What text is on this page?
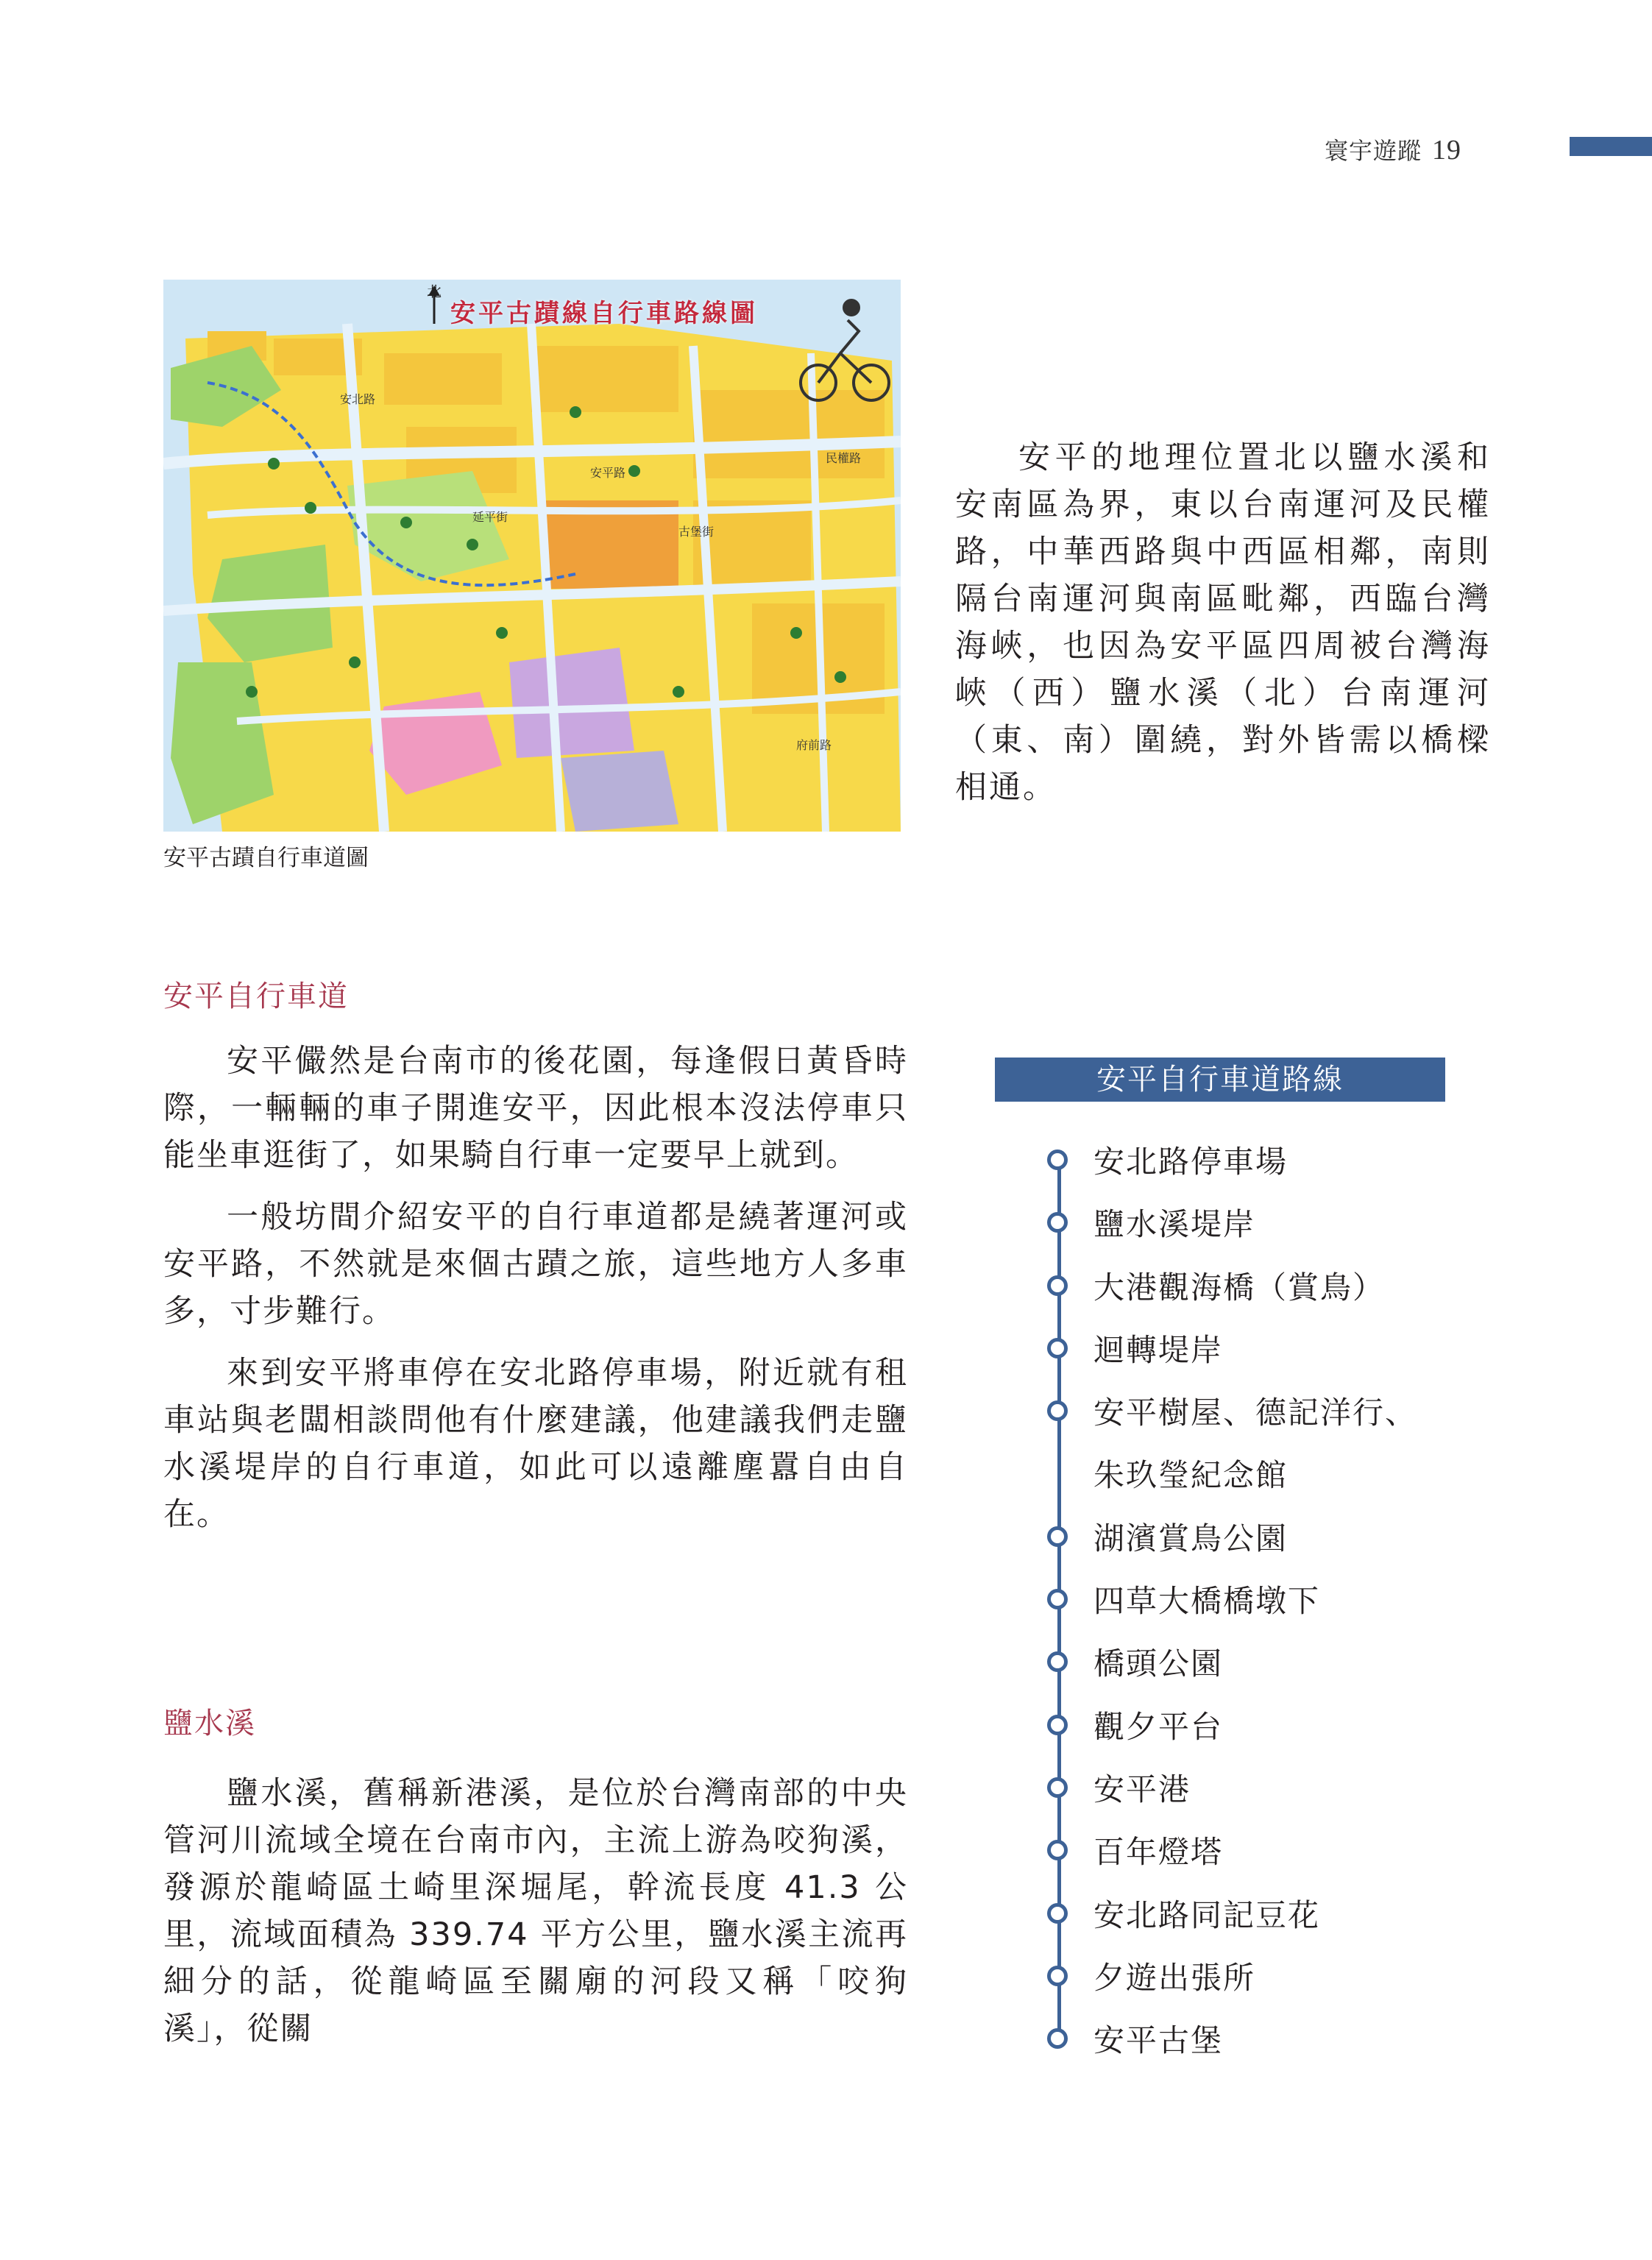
寰宇遊蹤 19
安平古蹟線自行車路線圖
北
安平路
延平街
古堡街
安北路
民權路
府前路
安平古蹟自行車道圖

安平的地理位置北以鹽水溪和安南區為界，東以台南運河及民權路，中華西路與中西區相鄰，南則隔台南運河與南區毗鄰，西臨台灣海峽，也因為安平區四周被台灣海峽（西）鹽水溪（北）台南運河（東、南）圍繞，對外皆需以橋樑相通。

安平自行車道

安平儼然是台南市的後花園，每逢假日黃昏時際，一輛輛的車子開進安平，因此根本沒法停車只能坐車逛街了，如果騎自行車一定要早上就到。

一般坊間介紹安平的自行車道都是繞著運河或安平路，不然就是來個古蹟之旅，這些地方人多車多，寸步難行。

來到安平將車停在安北路停車場，附近就有租車站與老闆相談問他有什麼建議，他建議我們走鹽水溪堤岸的自行車道，如此可以遠離塵囂自由自在。

鹽水溪

鹽水溪，舊稱新港溪，是位於台灣南部的中央管河川流域全境在台南市內，主流上游為咬狗溪，發源於龍崎區土崎里深堀尾，幹流長度 41.3 公里，流域面積為 339.74 平方公里，鹽水溪主流再細分的話，從龍崎區至關廟的河段又稱「咬狗溪」，從關

安平自行車道路線
安北路停車場
鹽水溪堤岸
大港觀海橋（賞鳥）
迴轉堤岸
安平樹屋、德記洋行、
朱玖瑩紀念館
湖濱賞鳥公園
四草大橋橋墩下
橋頭公園
觀夕平台
安平港
百年燈塔
安北路同記豆花
夕遊出張所
安平古堡
